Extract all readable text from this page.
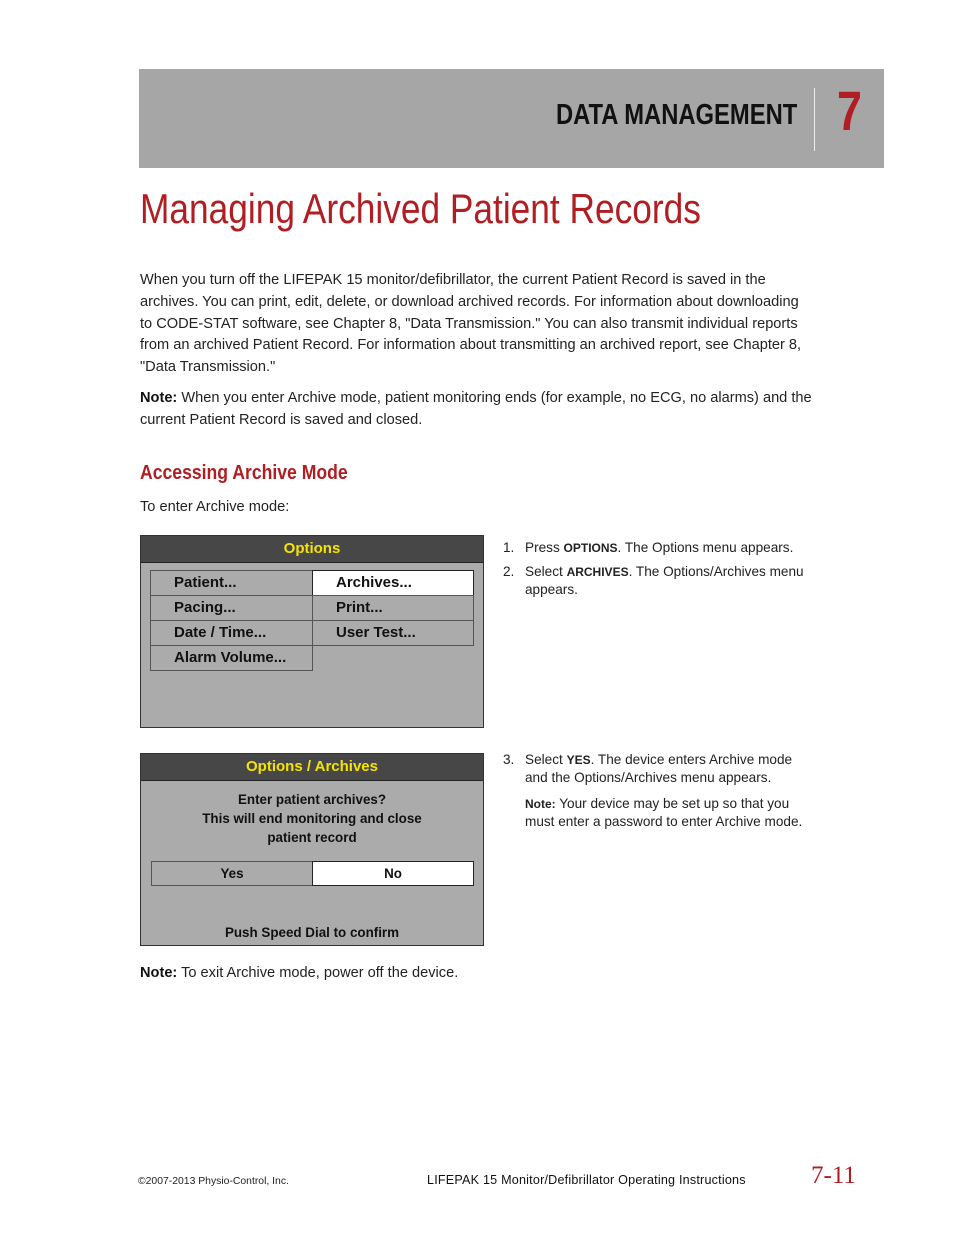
DATA MANAGEMENT 7
Managing Archived Patient Records

When you turn off the LIFEPAK 15 monitor/defibrillator, the current Patient Record is saved in the archives. You can print, edit, delete, or download archived records. For information about downloading to CODE-STAT software, see Chapter 8, "Data Transmission." You can also transmit individual reports from an archived Patient Record. For information about transmitting an archived report, see Chapter 8, "Data Transmission."

Note: When you enter Archive mode, patient monitoring ends (for example, no ECG, no alarms) and the current Patient Record is saved and closed.

Accessing Archive Mode

To enter Archive mode:

Options
Patient...	Archives...
Pacing...	Print...
Date / Time...	User Test...
Alarm Volume...
1. Press OPTIONS. The Options menu appears.
2. Select ARCHIVES. The Options/Archives menu appears.
Options / Archives
Enter patient archives?
This will end monitoring and close
patient record
Yes	No
Push Speed Dial to confirm
3. Select YES. The device enters Archive mode and the Options/Archives menu appears.
Note: Your device may be set up so that you must enter a password to enter Archive mode.

Note: To exit Archive mode, power off the device.

©2007-2013 Physio-Control, Inc.	LIFEPAK 15 Monitor/Defibrillator Operating Instructions	7-11
